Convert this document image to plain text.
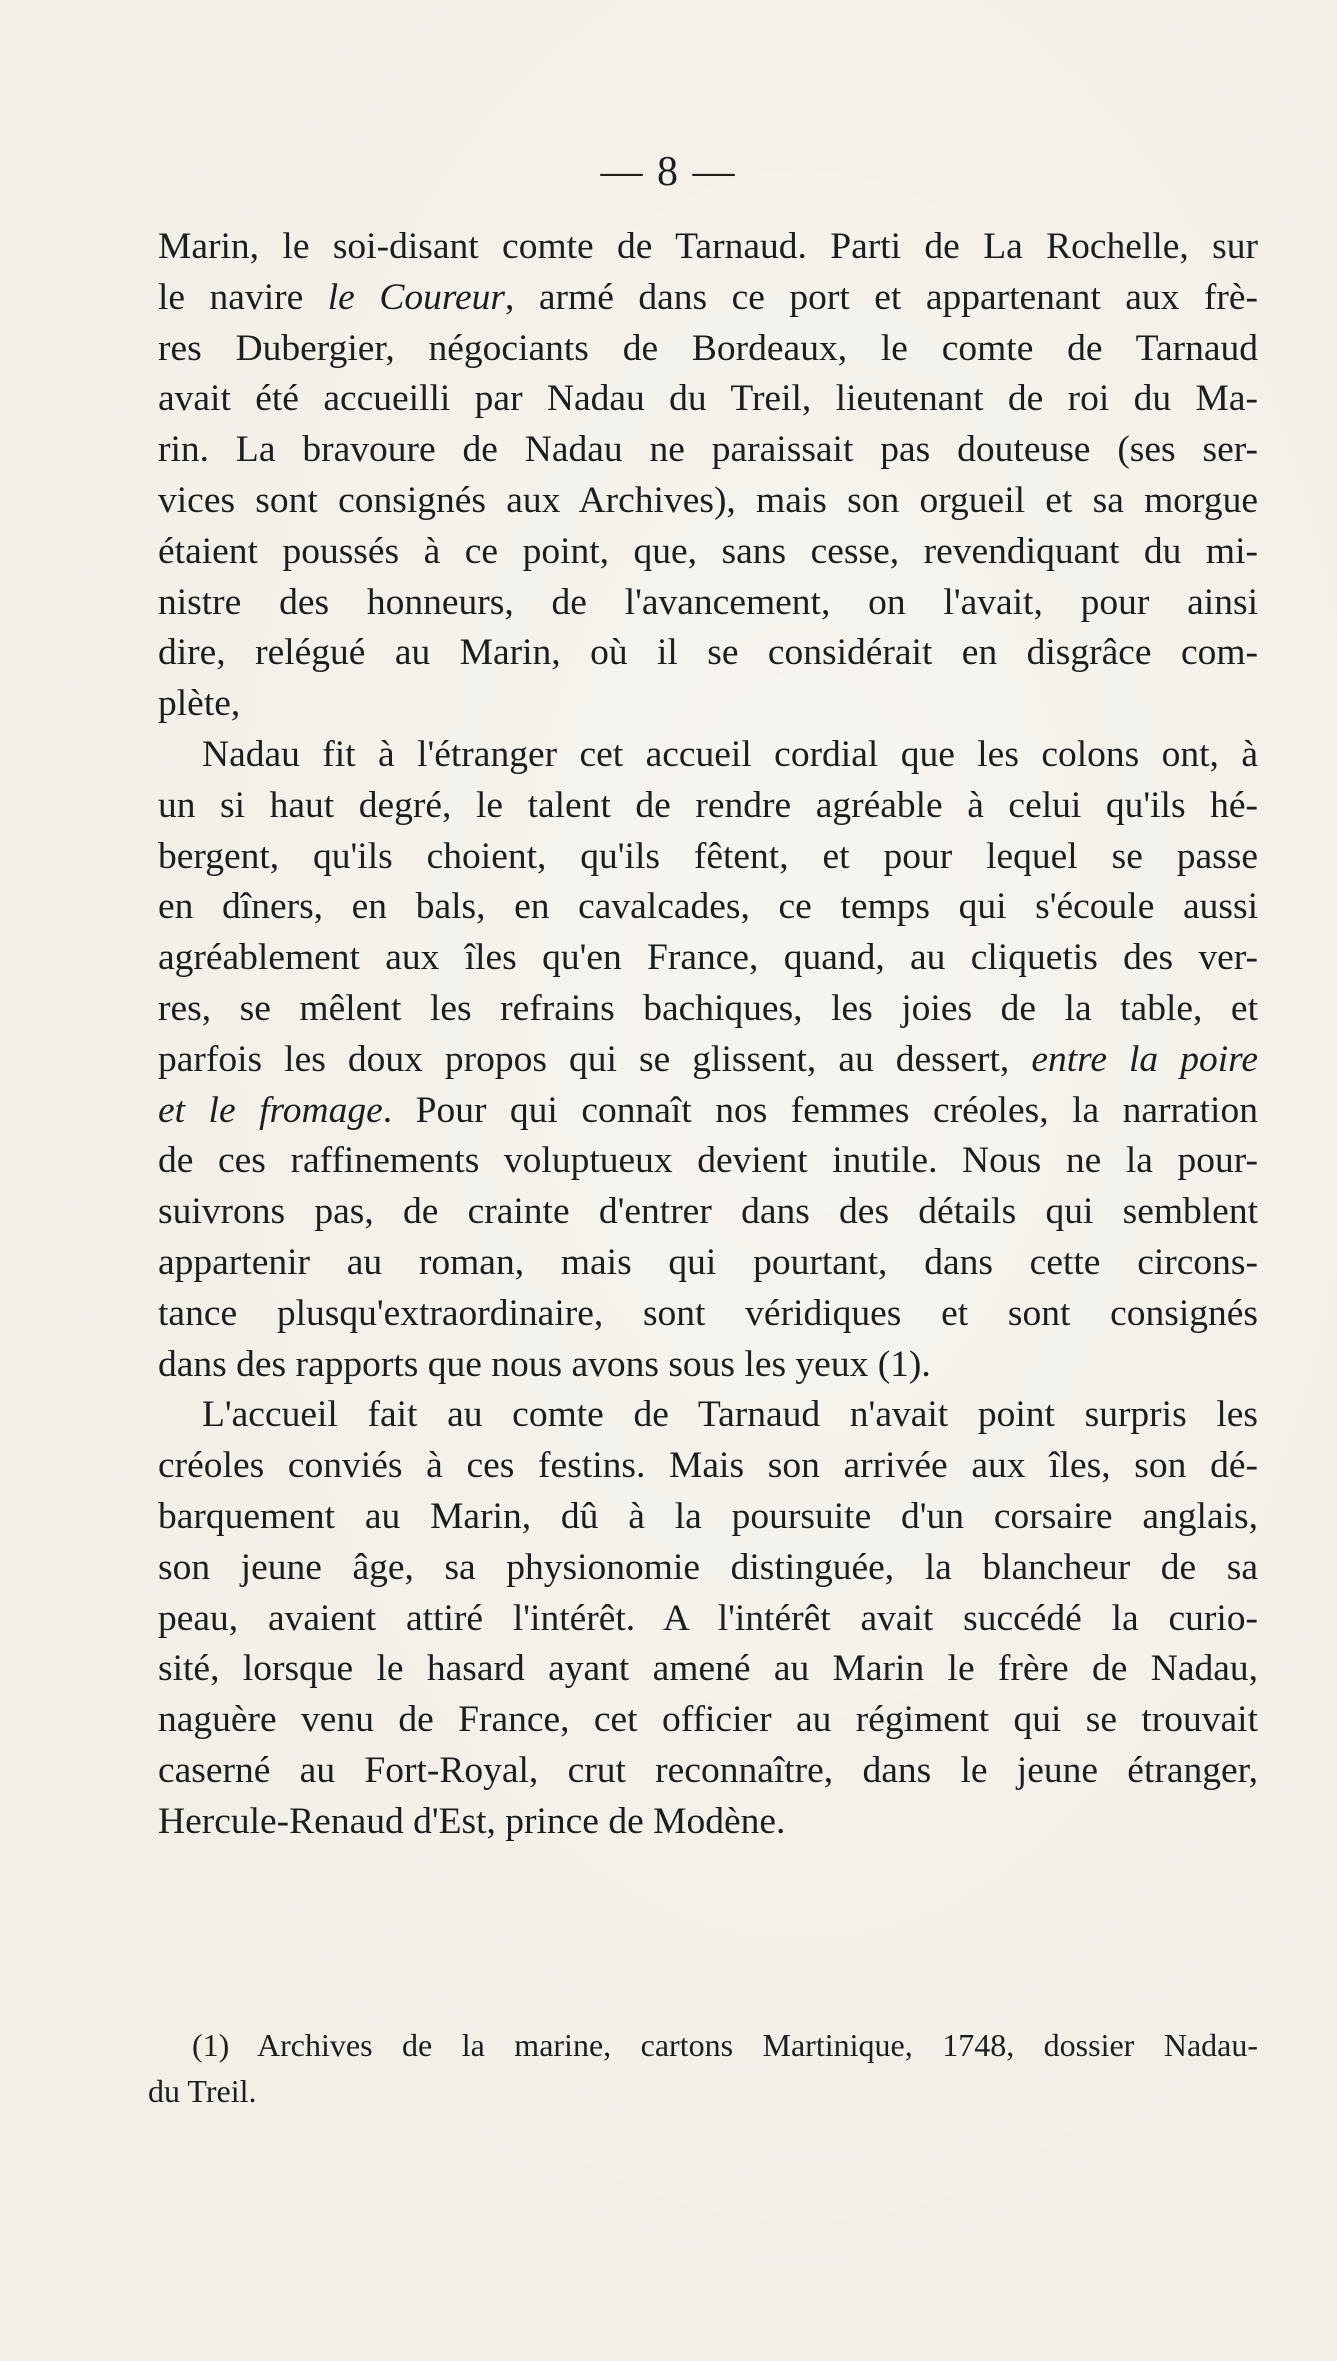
— 8 —
Marin, le soi-disant comte de Tarnaud. Parti de La Rochelle, sur
le navire le Coureur, armé dans ce port et appartenant aux frè-
res Dubergier, négociants de Bordeaux, le comte de Tarnaud
avait été accueilli par Nadau du Treil, lieutenant de roi du Ma-
rin. La bravoure de Nadau ne paraissait pas douteuse (ses ser-
vices sont consignés aux Archives), mais son orgueil et sa morgue
étaient poussés à ce point, que, sans cesse, revendiquant du mi-
nistre des honneurs, de l'avancement, on l'avait, pour ainsi
dire, relégué au Marin, où il se considérait en disgrâce com-
plète,
Nadau fit à l'étranger cet accueil cordial que les colons ont, à
un si haut degré, le talent de rendre agréable à celui qu'ils hé-
bergent, qu'ils choient, qu'ils fêtent, et pour lequel se passe
en dîners, en bals, en cavalcades, ce temps qui s'écoule aussi
agréablement aux îles qu'en France, quand, au cliquetis des ver-
res, se mêlent les refrains bachiques, les joies de la table, et
parfois les doux propos qui se glissent, au dessert, entre la poire
et le fromage. Pour qui connaît nos femmes créoles, la narration
de ces raffinements voluptueux devient inutile. Nous ne la pour-
suivrons pas, de crainte d'entrer dans des détails qui semblent
appartenir au roman, mais qui pourtant, dans cette circons-
tance plusqu'extraordinaire, sont véridiques et sont consignés
dans des rapports que nous avons sous les yeux (1).
L'accueil fait au comte de Tarnaud n'avait point surpris les
créoles conviés à ces festins. Mais son arrivée aux îles, son dé-
barquement au Marin, dû à la poursuite d'un corsaire anglais,
son jeune âge, sa physionomie distinguée, la blancheur de sa
peau, avaient attiré l'intérêt. A l'intérêt avait succédé la curio-
sité, lorsque le hasard ayant amené au Marin le frère de Nadau,
naguère venu de France, cet officier au régiment qui se trouvait
caserné au Fort-Royal, crut reconnaître, dans le jeune étranger,
Hercule-Renaud d'Est, prince de Modène.
(1) Archives de la marine, cartons Martinique, 1748, dossier Nadau-
du Treil.
